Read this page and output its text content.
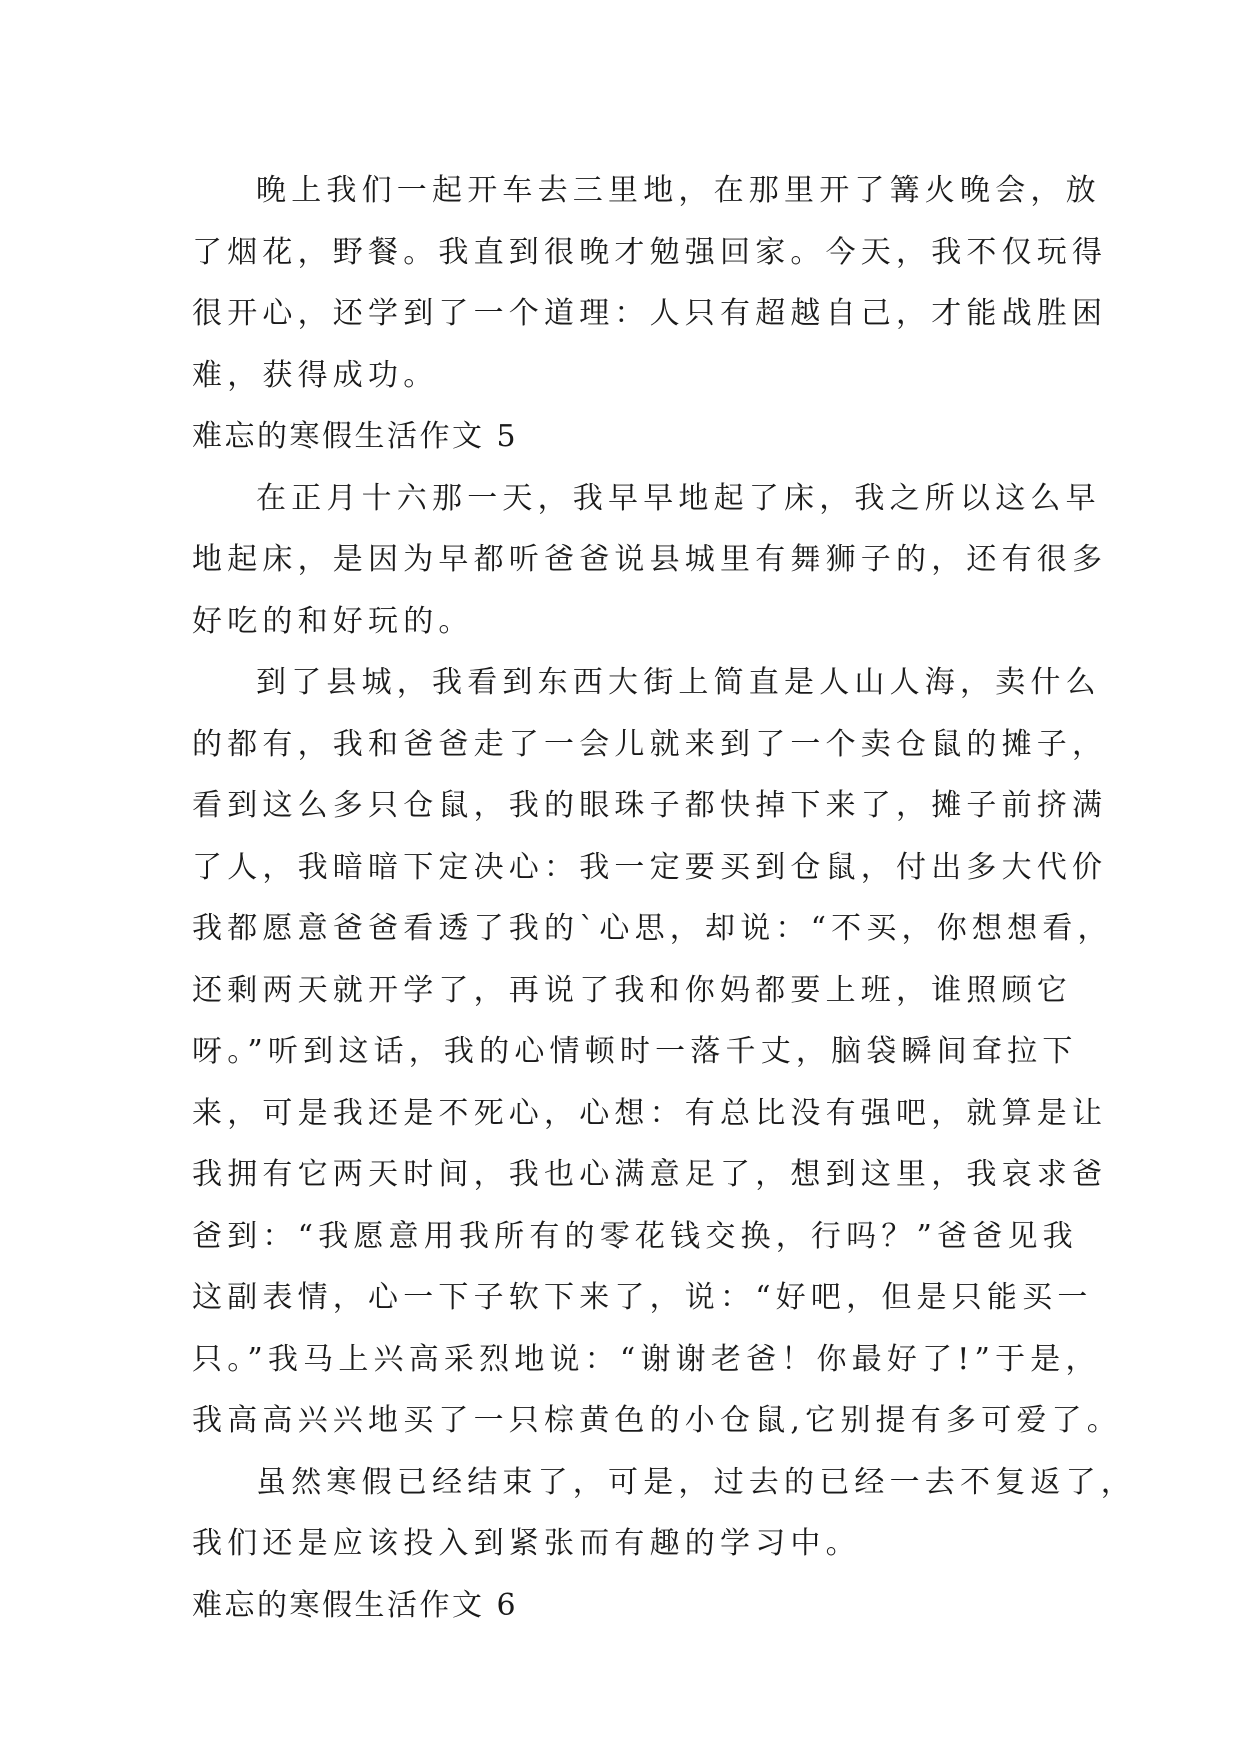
晚上我们一起开车去三里地，在那里开了篝火晚会，放
了烟花，野餐。我直到很晚才勉强回家。今天，我不仅玩得
很开心，还学到了一个道理：人只有超越自己，才能战胜困
难，获得成功。
难忘的寒假生活作文 5
在正月十六那一天，我早早地起了床，我之所以这么早
地起床，是因为早都听爸爸说县城里有舞狮子的，还有很多
好吃的和好玩的。
到了县城，我看到东西大街上简直是人山人海，卖什么
的都有，我和爸爸走了一会儿就来到了一个卖仓鼠的摊子，
看到这么多只仓鼠，我的眼珠子都快掉下来了，摊子前挤满
了人，我暗暗下定决心：我一定要买到仓鼠，付出多大代价
我都愿意爸爸看透了我的`心思，却说：“不买，你想想看，
还剩两天就开学了，再说了我和你妈都要上班，谁照顾它
呀。”听到这话，我的心情顿时一落千丈，脑袋瞬间耷拉下
来，可是我还是不死心，心想：有总比没有强吧，就算是让
我拥有它两天时间，我也心满意足了，想到这里，我哀求爸
爸到：“我愿意用我所有的零花钱交换，行吗？”爸爸见我
这副表情，心一下子软下来了，说：“好吧，但是只能买一
只。”我马上兴高采烈地说：“谢谢老爸！你最好了!”于是，
我高高兴兴地买了一只棕黄色的小仓鼠,它别提有多可爱了。
虽然寒假已经结束了，可是，过去的已经一去不复返了，
我们还是应该投入到紧张而有趣的学习中。
难忘的寒假生活作文 6
